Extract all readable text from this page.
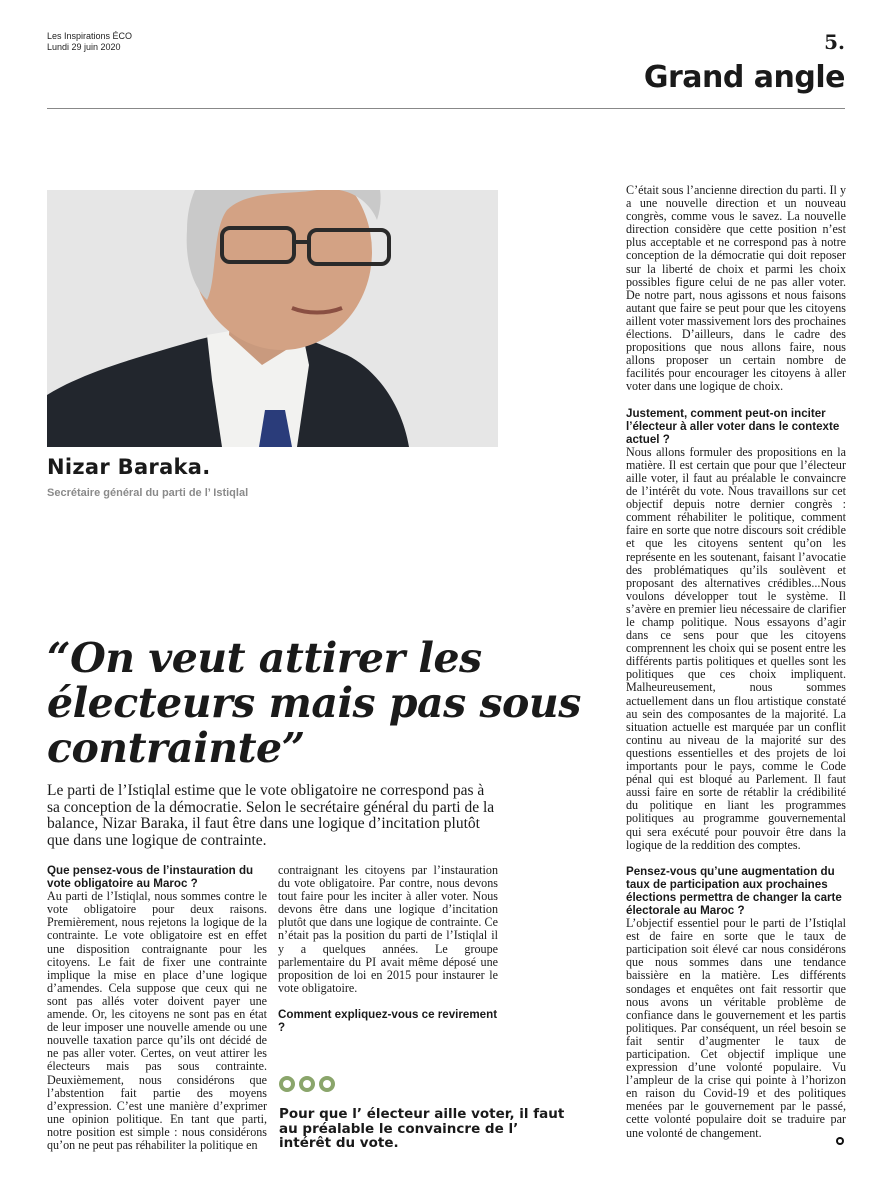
Les Inspirations ÉCO
Lundi 29 juin 2020	5.
Grand angle
Nizar Baraka.
Secrétaire général du parti de l’ Istiqlal
“On veut attirer les électeurs mais pas sous contrainte”
Le parti de l’Istiqlal estime que le vote obligatoire ne correspond pas à sa conception de la démocratie. Selon le secrétaire général du parti de la balance, Nizar Baraka, il faut être dans une logique d’incitation plutôt que dans une logique de contrainte.

Que pensez-vous de l’instauration du vote obligatoire au Maroc ?

Au parti de l’Istiqlal, nous sommes contre le vote obligatoire pour deux raisons. Premièrement, nous rejetons la logique de la contrainte. Le vote obligatoire est en effet une disposition contraignante pour les citoyens. Le fait de fixer une contrainte implique la mise en place d’une logique d’amendes. Cela suppose que ceux qui ne sont pas allés voter doivent payer une amende. Or, les citoyens ne sont pas en état de leur imposer une nouvelle amende ou une nouvelle taxation parce qu’ils ont décidé de ne pas aller voter. Certes, on veut attirer les électeurs mais pas sous contrainte. Deuxièmement, nous considérons que l’abstention fait partie des moyens d’expression. C’est une manière d’exprimer une opinion politique. En tant que parti, notre position est simple : nous considérons qu’on ne peut pas réhabiliter la politique en

contraignant les citoyens par l’instauration du vote obligatoire. Par contre, nous devons tout faire pour les inciter à aller voter. Nous devons être dans une logique d’incitation plutôt que dans une logique de contrainte. Ce n’était pas la position du parti de l’Istiqlal il y a quelques années. Le groupe parlementaire du PI avait même déposé une proposition de loi en 2015 pour instaurer le vote obligatoire.

Comment expliquez-vous ce revirement ?

Pour que l’ électeur aille voter, il faut au préalable le convaincre de l’ intérêt du vote.

C’était sous l’ancienne direction du parti. Il y a une nouvelle direction et un nouveau congrès, comme vous le savez. La nouvelle direction considère que cette position n’est plus acceptable et ne correspond pas à notre conception de la démocratie qui doit reposer sur la liberté de choix et parmi les choix possibles figure celui de ne pas aller voter. De notre part, nous agissons et nous faisons autant que faire se peut pour que les citoyens aillent voter massivement lors des prochaines élections. D’ailleurs, dans le cadre des propositions que nous allons faire, nous allons proposer un certain nombre de facilités pour encourager les citoyens à aller voter dans une logique de choix.

Justement, comment peut-on inciter l’électeur à aller voter dans le contexte actuel ?

Nous allons formuler des propositions en la matière. Il est certain que pour que l’électeur aille voter, il faut au préalable le convaincre de l’intérêt du vote. Nous travaillons sur cet objectif depuis notre dernier congrès : comment réhabiliter le politique, comment faire en sorte que notre discours soit crédible et que les citoyens sentent qu’on les représente en les soutenant, faisant l’avocatie des problématiques qu’ils soulèvent et proposant des alternatives crédibles...Nous voulons développer tout le système. Il s’avère en premier lieu nécessaire de clarifier le champ politique. Nous essayons d’agir dans ce sens pour que les citoyens comprennent les choix qui se posent entre les différents partis politiques et quelles sont les politiques que ces choix impliquent. Malheureusement, nous sommes actuellement dans un flou artistique constaté au sein des composantes de la majorité. La situation actuelle est marquée par un conflit continu au niveau de la majorité sur des questions essentielles et des projets de loi importants pour le pays, comme le Code pénal qui est bloqué au Parlement. Il faut aussi faire en sorte de rétablir la crédibilité du politique en liant les programmes politiques au programme gouvernemental qui sera exécuté pour pouvoir être dans la logique de la reddition des comptes.

Pensez-vous qu’une augmentation du taux de participation aux prochaines élections permettra de changer la carte électorale au Maroc ?

L’objectif essentiel pour le parti de l’Istiqlal est de faire en sorte que le taux de participation soit élevé car nous considérons que nous sommes dans une tendance baissière en la matière. Les différents sondages et enquêtes ont fait ressortir que nous avons un véritable problème de confiance dans le gouvernement et les partis politiques. Par conséquent, un réel besoin se fait sentir d’augmenter le taux de participation. Cet objectif implique une expression d’une volonté populaire. Vu l’ampleur de la crise qui pointe à l’horizon en raison du Covid-19 et des politiques menées par le gouvernement par le passé, cette volonté populaire doit se traduire par une volonté de changement.
